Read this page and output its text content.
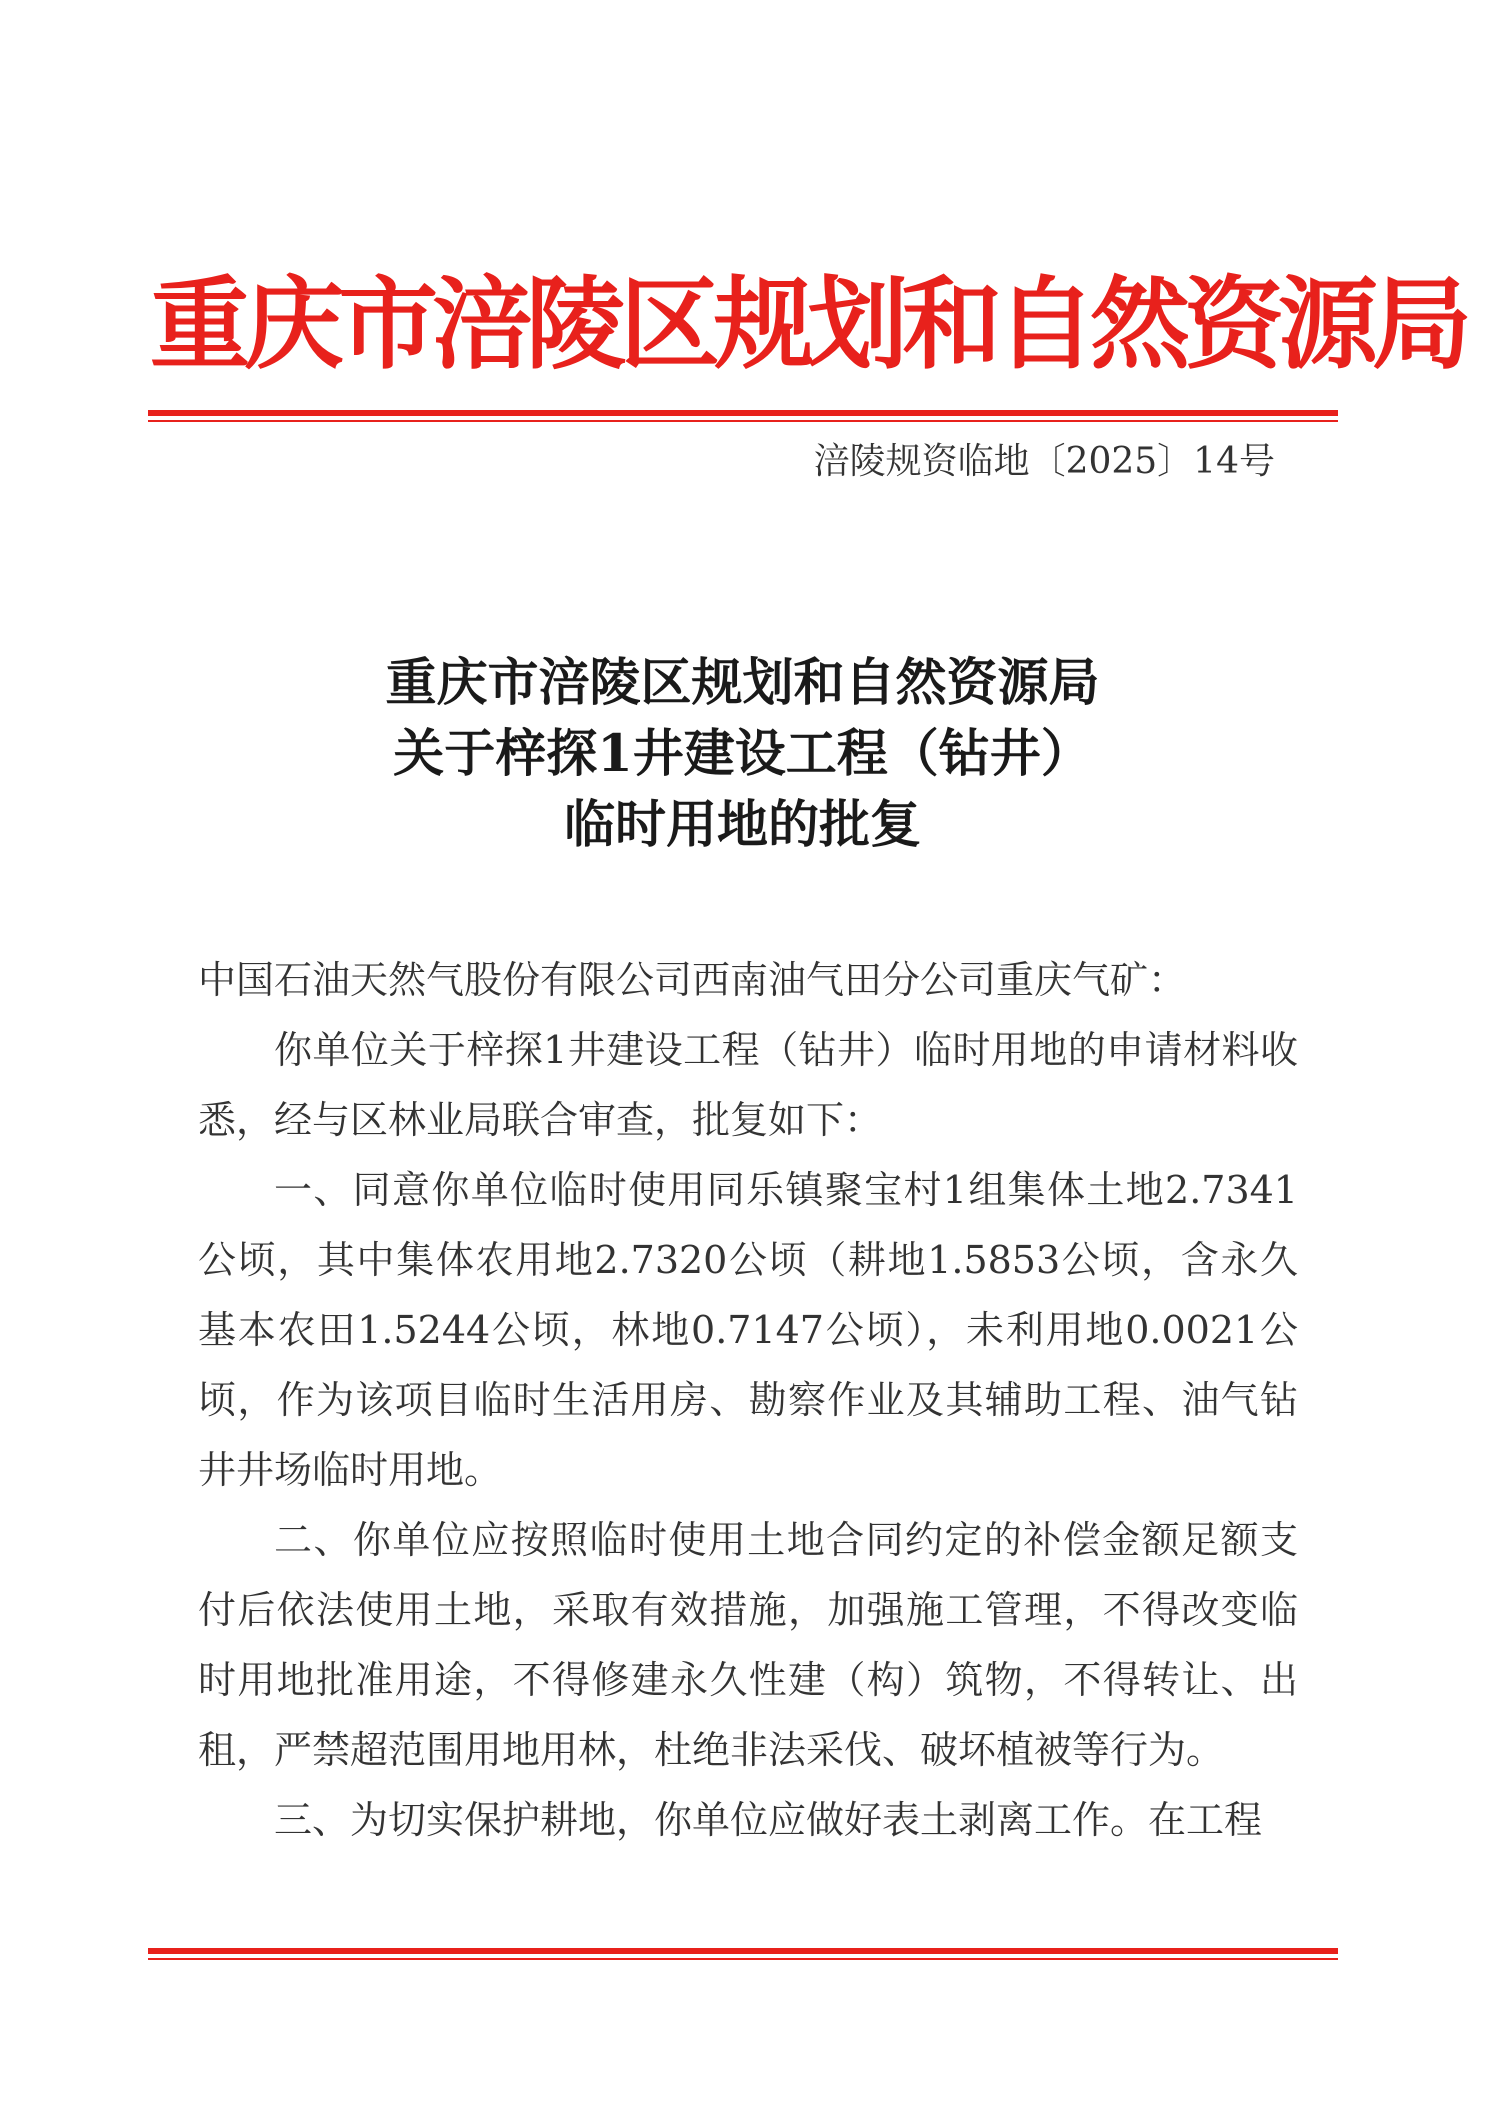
重庆市涪陵区规划和自然资源局
涪陵规资临地〔2025〕14号
重庆市涪陵区规划和自然资源局
关于梓探1井建设工程（钻井）
临时用地的批复

中国石油天然气股份有限公司西南油气田分公司重庆气矿：

你单位关于梓探1井建设工程（钻井）临时用地的申请材料收悉，经与区林业局联合审查，批复如下：

一、同意你单位临时使用同乐镇聚宝村1组集体土地2.7341公顷，其中集体农用地2.7320公顷（耕地1.5853公顷，含永久基本农田1.5244公顷，林地0.7147公顷），未利用地0.0021公顷，作为该项目临时生活用房、勘察作业及其辅助工程、油气钻井井场临时用地。

二、你单位应按照临时使用土地合同约定的补偿金额足额支付后依法使用土地，采取有效措施，加强施工管理，不得改变临时用地批准用途，不得修建永久性建（构）筑物，不得转让、出租，严禁超范围用地用林，杜绝非法采伐、破坏植被等行为。

三、为切实保护耕地，你单位应做好表土剥离工作。在工程
